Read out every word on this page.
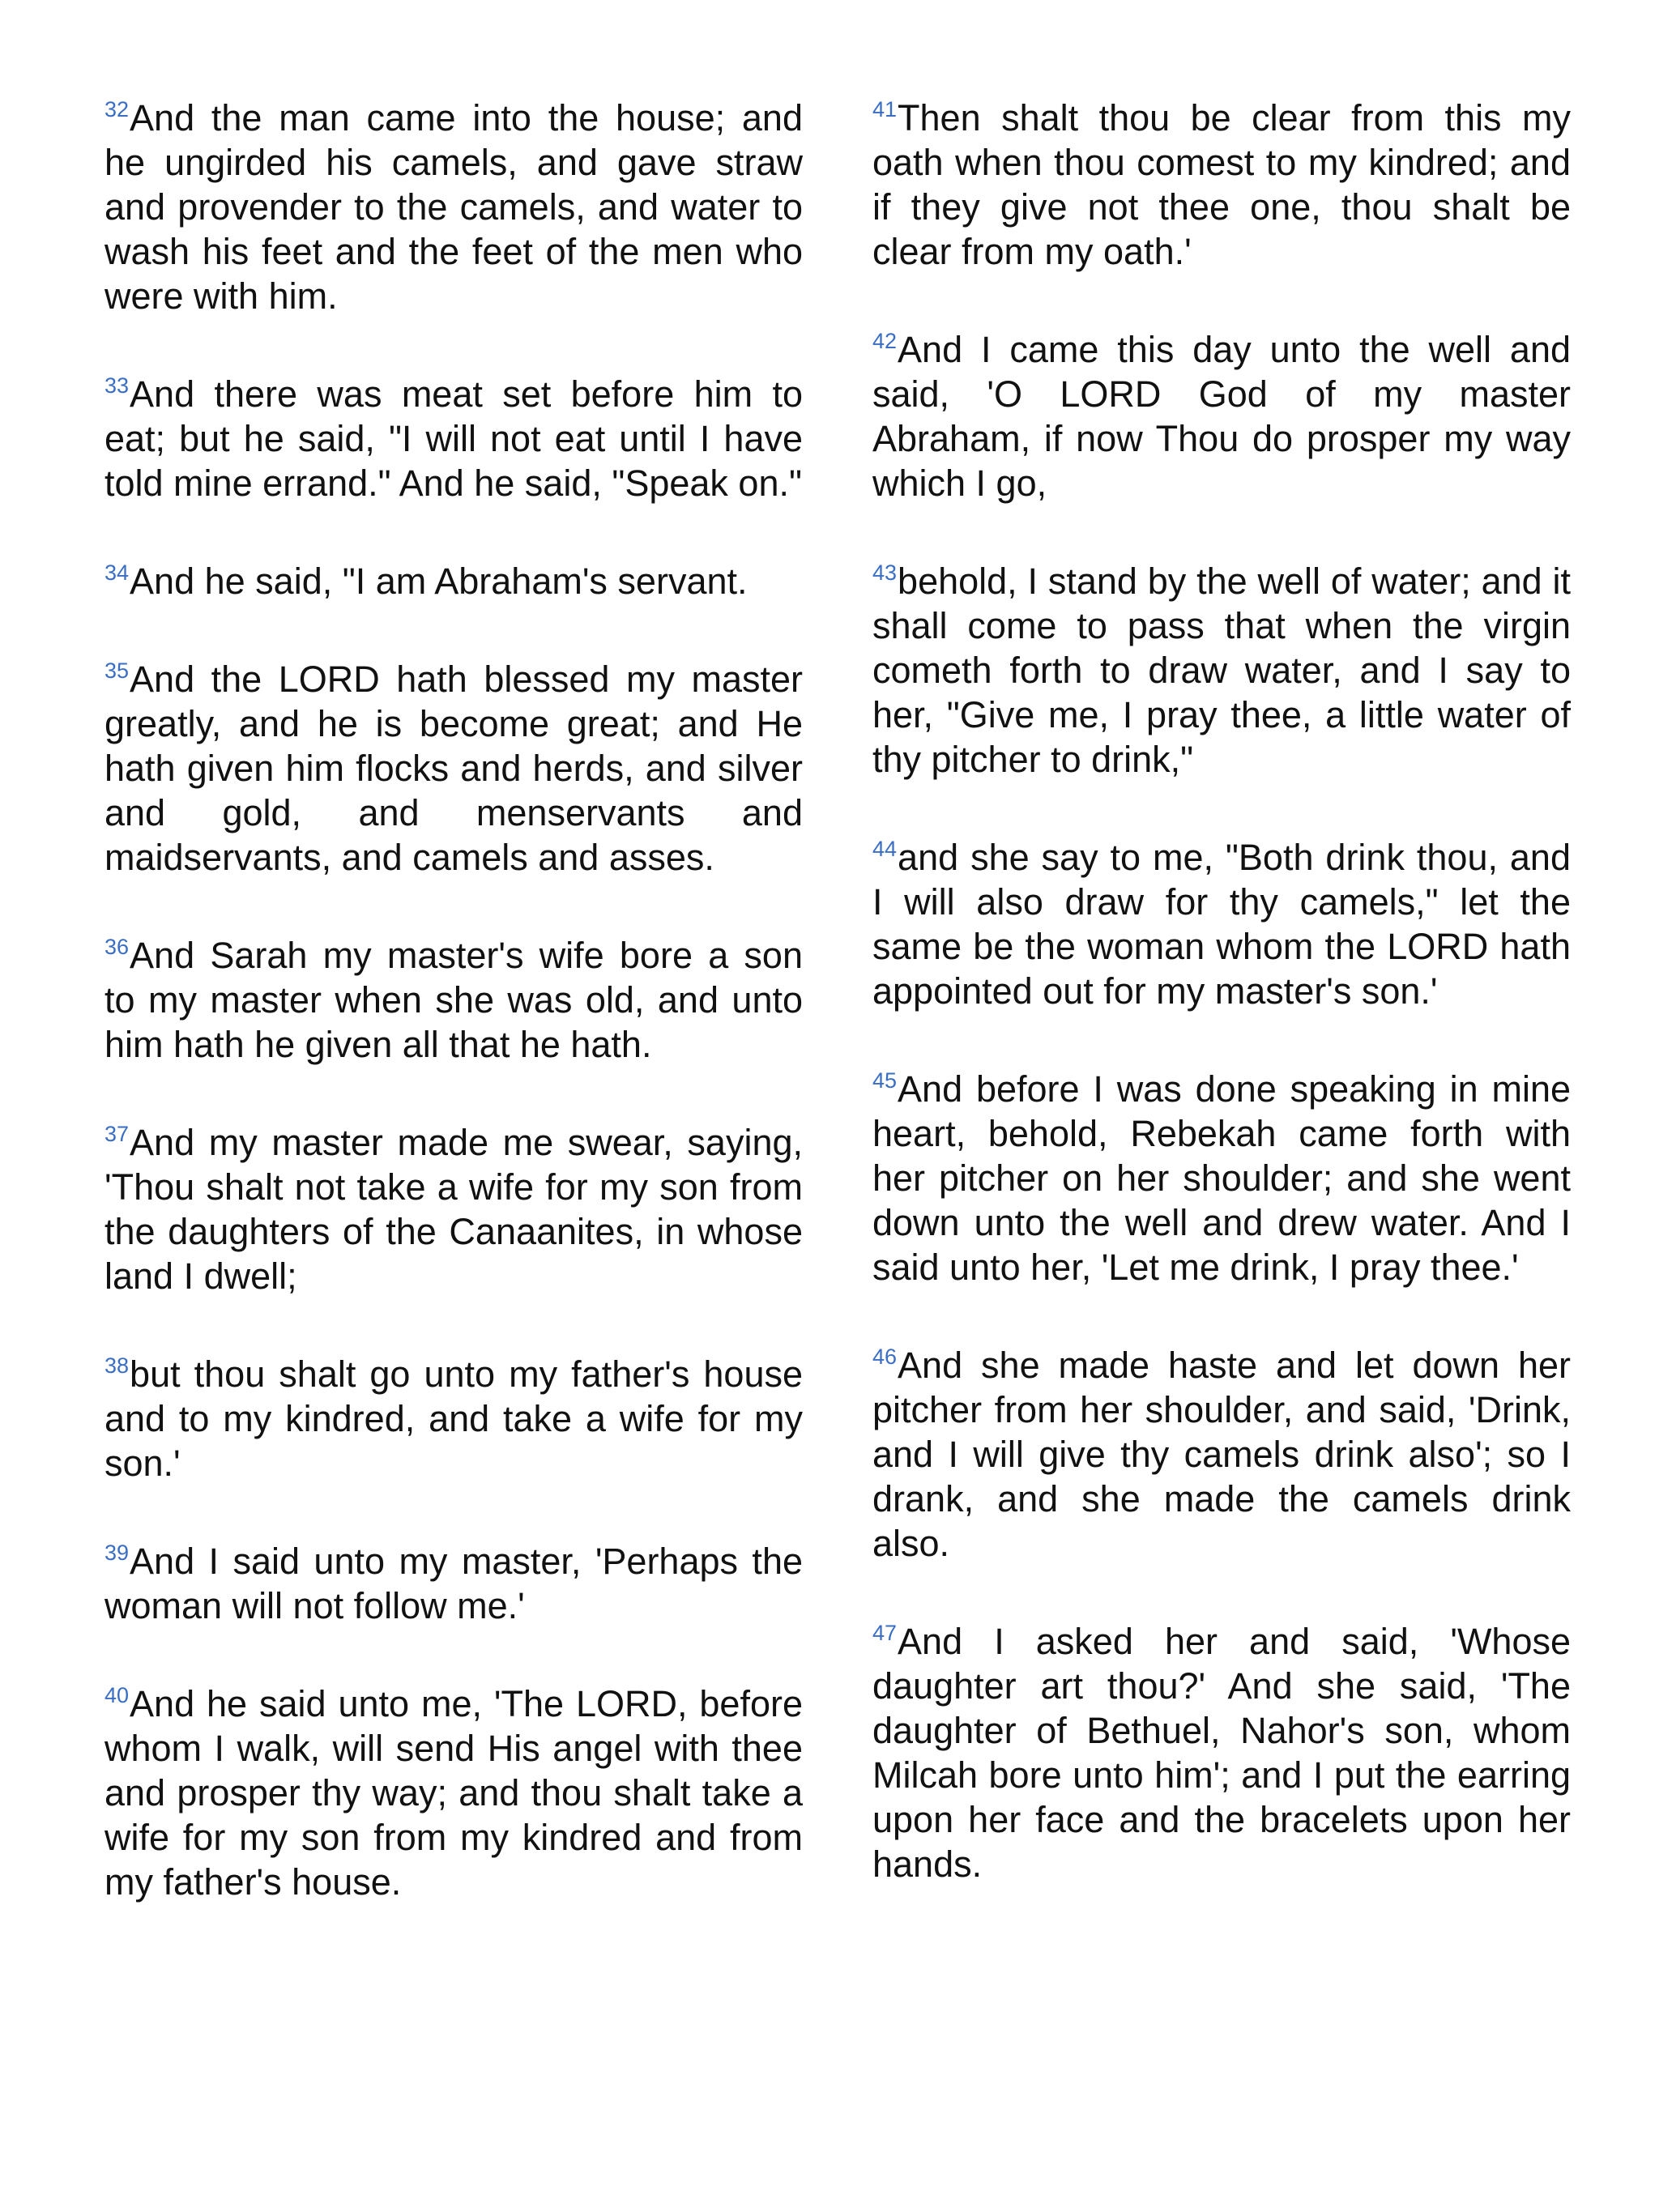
$^{32}$And the man came into the house; and he ungirded his camels, and gave straw and provender to the camels, and water to wash his feet and the feet of the men who were with him.

$^{33}$And there was meat set before him to eat; but he said, "I will not eat until I have told mine errand." And he said, "Speak on."

$^{34}$And he said, "I am Abraham's servant.

$^{35}$And the LORD hath blessed my master greatly, and he is become great; and He hath given him flocks and herds, and silver and gold, and menservants and maidservants, and camels and asses.

$^{36}$And Sarah my master's wife bore a son to my master when she was old, and unto him hath he given all that he hath.

$^{37}$And my master made me swear, saying, 'Thou shalt not take a wife for my son from the daughters of the Canaanites, in whose land I dwell;

$^{38}$but thou shalt go unto my father's house and to my kindred, and take a wife for my son.'

$^{39}$And I said unto my master, 'Perhaps the woman will not follow me.'

$^{40}$And he said unto me, 'The LORD, before whom I walk, will send His angel with thee and prosper thy way; and thou shalt take a wife for my son from my kindred and from my father's house.

$^{41}$Then shalt thou be clear from this my oath when thou comest to my kindred; and if they give not thee one, thou shalt be clear from my oath.'

$^{42}$And I came this day unto the well and said, 'O LORD God of my master Abraham, if now Thou do prosper my way which I go,

$^{43}$behold, I stand by the well of water; and it shall come to pass that when the virgin cometh forth to draw water, and I say to her, "Give me, I pray thee, a little water of thy pitcher to drink,"

$^{44}$and she say to me, "Both drink thou, and I will also draw for thy camels," let the same be the woman whom the LORD hath appointed out for my master's son.'

$^{45}$And before I was done speaking in mine heart, behold, Rebekah came forth with her pitcher on her shoulder; and she went down unto the well and drew water. And I said unto her, 'Let me drink, I pray thee.'

$^{46}$And she made haste and let down her pitcher from her shoulder, and said, 'Drink, and I will give thy camels drink also'; so I drank, and she made the camels drink also.

$^{47}$And I asked her and said, 'Whose daughter art thou?' And she said, 'The daughter of Bethuel, Nahor's son, whom Milcah bore unto him'; and I put the earring upon her face and the bracelets upon her hands.
